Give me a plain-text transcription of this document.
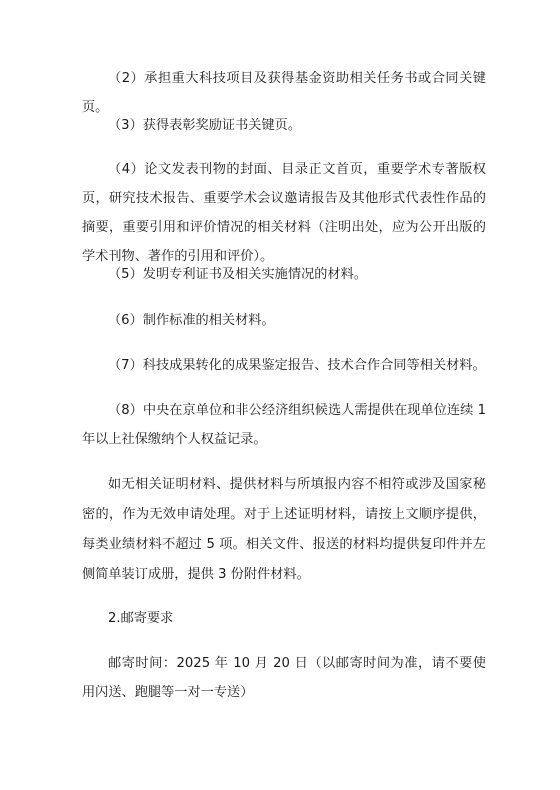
（2）承担重大科技项目及获得基金资助相关任务书或合同关键页。

（3）获得表彰奖励证书关键页。

（4）论文发表刊物的封面、目录正文首页，重要学术专著版权页，研究技术报告、重要学术会议邀请报告及其他形式代表性作品的摘要，重要引用和评价情况的相关材料（注明出处，应为公开出版的学术刊物、著作的引用和评价）。

（5）发明专利证书及相关实施情况的材料。

（6）制作标准的相关材料。

（7）科技成果转化的成果鉴定报告、技术合作合同等相关材料。

（8）中央在京单位和非公经济组织候选人需提供在现单位连续 1 年以上社保缴纳个人权益记录。

如无相关证明材料、提供材料与所填报内容不相符或涉及国家秘密的，作为无效申请处理。对于上述证明材料，请按上文顺序提供，每类业绩材料不超过 5 项。相关文件、报送的材料均提供复印件并左侧简单装订成册，提供 3 份附件材料。

2.邮寄要求

邮寄时间：2025 年 10 月 20 日（以邮寄时间为准，请不要使用闪送、跑腿等一对一专送）
